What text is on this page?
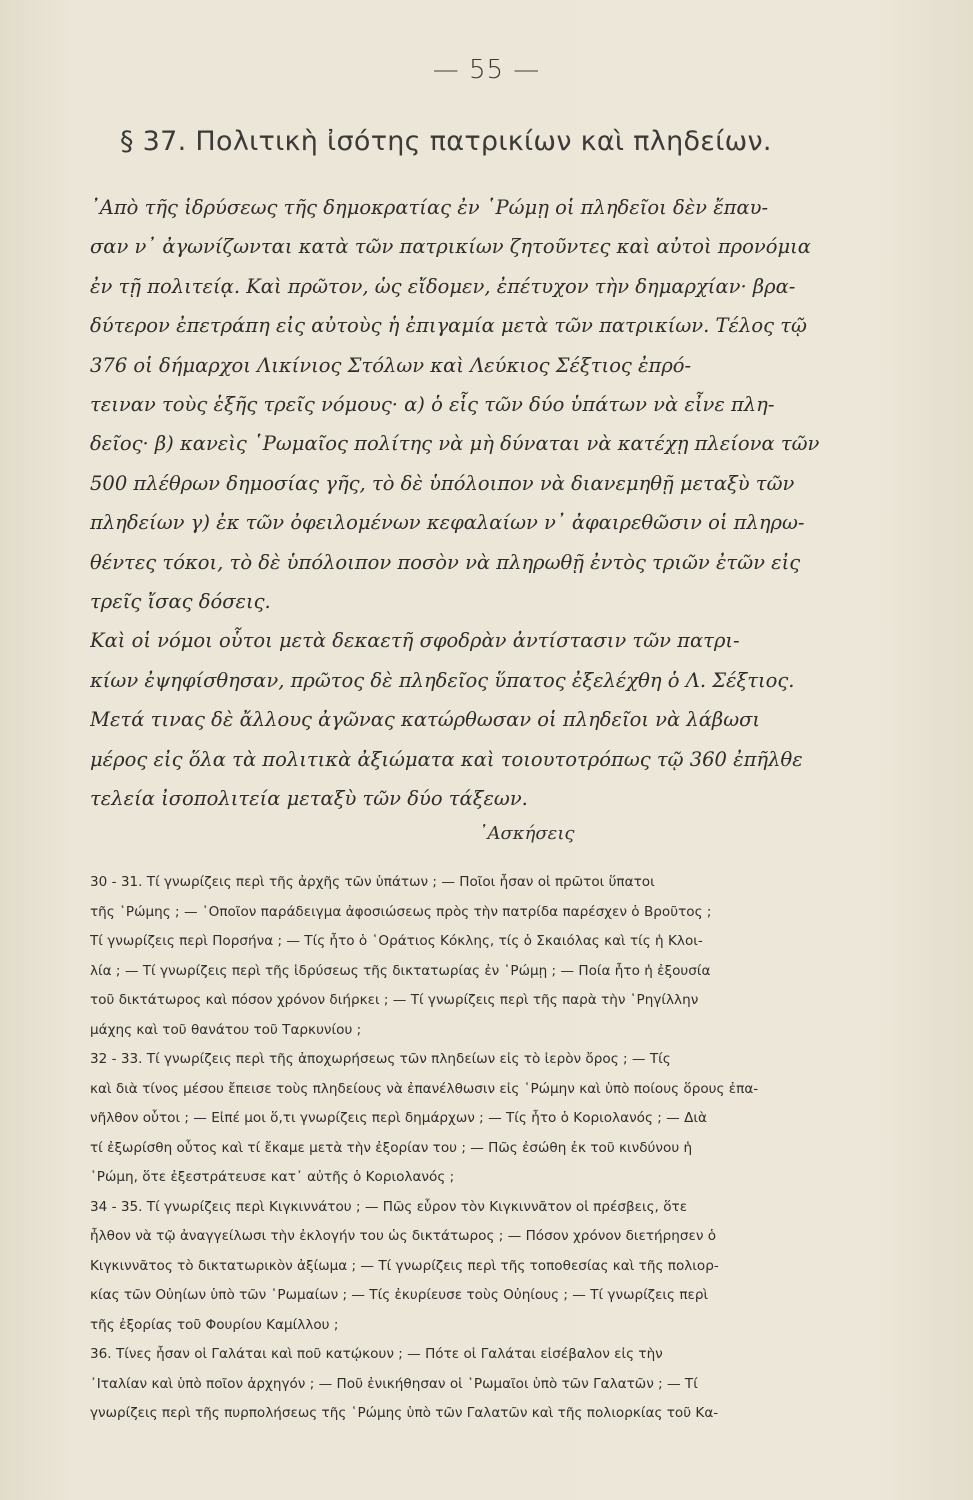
— 55 —
§ 37. Πολιτικὴ ἰσότης πατρικίων καὶ πληδείων.

᾿Απὸ τῆς ἱδρύσεως τῆς δημοκρατίας ἐν ῾Ρώμῃ οἱ πληδεῖοι δὲν ἔπαυ-
σαν ν᾿ ἀγωνίζωνται κατὰ τῶν πατρικίων ζητοῦντες καὶ αὐτοὶ προνόμια
ἐν τῇ πολιτείᾳ. Καὶ πρῶτον, ὡς εἴδομεν, ἐπέτυχον τὴν δημαρχίαν· βρα-
δύτερον ἐπετράπη εἰς αὐτοὺς ἡ ἐπιγαμία μετὰ τῶν πατρικίων. Τέλος τῷ
376 οἱ δήμαρχοι Λικίνιος Στόλων καὶ Λεύκιος Σέξτιος ἐπρό-
τειναν τοὺς ἑξῆς τρεῖς νόμους· α) ὁ εἷς τῶν δύο ὑπάτων νὰ εἶνε πλη-
δεῖος· β) κανεὶς ῾Ρωμαῖος πολίτης νὰ μὴ δύναται νὰ κατέχῃ πλείονα τῶν
500 πλέθρων δημοσίας γῆς, τὸ δὲ ὑπόλοιπον νὰ διανεμηθῇ μεταξὺ τῶν
πληδείων γ) ἐκ τῶν ὀφειλομένων κεφαλαίων ν᾿ ἀφαιρεθῶσιν οἱ πληρω-
θέντες τόκοι, τὸ δὲ ὑπόλοιπον ποσὸν νὰ πληρωθῇ ἐντὸς τριῶν ἐτῶν εἰς
τρεῖς ἴσας δόσεις.

Καὶ οἱ νόμοι οὗτοι μετὰ δεκαετῆ σφοδρὰν ἀντίστασιν τῶν πατρι-
κίων ἐψηφίσθησαν, πρῶτος δὲ πληδεῖος ὕπατος ἐξελέχθη ὁ Λ. Σέξτιος.
Μετά τινας δὲ ἄλλους ἀγῶνας κατώρθωσαν οἱ πληδεῖοι νὰ λάβωσι
μέρος εἰς ὅλα τὰ πολιτικὰ ἀξιώματα καὶ τοιουτοτρόπως τῷ 360 ἐπῆλθε
τελεία ἰσοπολιτεία μεταξὺ τῶν δύο τάξεων.

᾿Ασκήσεις
30 - 31. Τί γνωρίζεις περὶ τῆς ἀρχῆς τῶν ὑπάτων ; — Ποῖοι ἦσαν οἱ πρῶτοι ὕπατοι
τῆς ῾Ρώμης ; — ῾Οποῖον παράδειγμα ἀφοσιώσεως πρὸς τὴν πατρίδα παρέσχεν ὁ Βροῦτος ;
Τί γνωρίζεις περὶ Πορσήνα ; — Τίς ἦτο ὁ ῾Οράτιος Κόκλης, τίς ὁ Σκαιόλας καὶ τίς ἡ Κλοι-
λία ; — Τί γνωρίζεις περὶ τῆς ἱδρύσεως τῆς δικτατωρίας ἐν ῾Ρώμῃ ; — Ποία ἦτο ἡ ἐξουσία
τοῦ δικτάτωρος καὶ πόσον χρόνον διήρκει ; — Τί γνωρίζεις περὶ τῆς παρὰ τὴν ῾Ρηγίλλην
μάχης καὶ τοῦ θανάτου τοῦ Ταρκυνίου ;
32 - 33. Τί γνωρίζεις περὶ τῆς ἀποχωρήσεως τῶν πληδείων εἰς τὸ ἱερὸν ὄρος ; — Τίς
καὶ διὰ τίνος μέσου ἔπεισε τοὺς πληδείους νὰ ἐπανέλθωσιν εἰς ῾Ρώμην καὶ ὑπὸ ποίους ὅρους ἐπα-
νῆλθον οὗτοι ; — Εἰπέ μοι ὅ,τι γνωρίζεις περὶ δημάρχων ; — Τίς ἦτο ὁ Κοριολανός ; — Διὰ
τί ἐξωρίσθη οὗτος καὶ τί ἔκαμε μετὰ τὴν ἐξορίαν του ; — Πῶς ἐσώθη ἐκ τοῦ κινδύνου ἡ
῾Ρώμη, ὅτε ἐξεστράτευσε κατ᾿ αὐτῆς ὁ Κοριολανός ;
34 - 35. Τί γνωρίζεις περὶ Κιγκιννάτου ; — Πῶς εὗρον τὸν Κιγκιννᾶτον οἱ πρέσβεις, ὅτε
ἦλθον νὰ τῷ ἀναγγείλωσι τὴν ἐκλογήν του ὡς δικτάτωρος ; — Πόσον χρόνον διετήρησεν ὁ
Κιγκιννᾶτος τὸ δικτατωρικὸν ἀξίωμα ; — Τί γνωρίζεις περὶ τῆς τοποθεσίας καὶ τῆς πολιορ-
κίας τῶν Οὐηίων ὑπὸ τῶν ῾Ρωμαίων ; — Τίς ἐκυρίευσε τοὺς Οὐηίους ; — Τί γνωρίζεις περὶ
τῆς ἐξορίας τοῦ Φουρίου Καμίλλου ;
36. Τίνες ἦσαν οἱ Γαλάται καὶ ποῦ κατῴκουν ; — Πότε οἱ Γαλάται εἰσέβαλον εἰς τὴν
᾿Ιταλίαν καὶ ὑπὸ ποῖον ἀρχηγόν ; — Ποῦ ἐνικήθησαν οἱ ῾Ρωμαῖοι ὑπὸ τῶν Γαλατῶν ; — Τί
γνωρίζεις περὶ τῆς πυρπολήσεως τῆς ῾Ρώμης ὑπὸ τῶν Γαλατῶν καὶ τῆς πολιορκίας τοῦ Κα-
